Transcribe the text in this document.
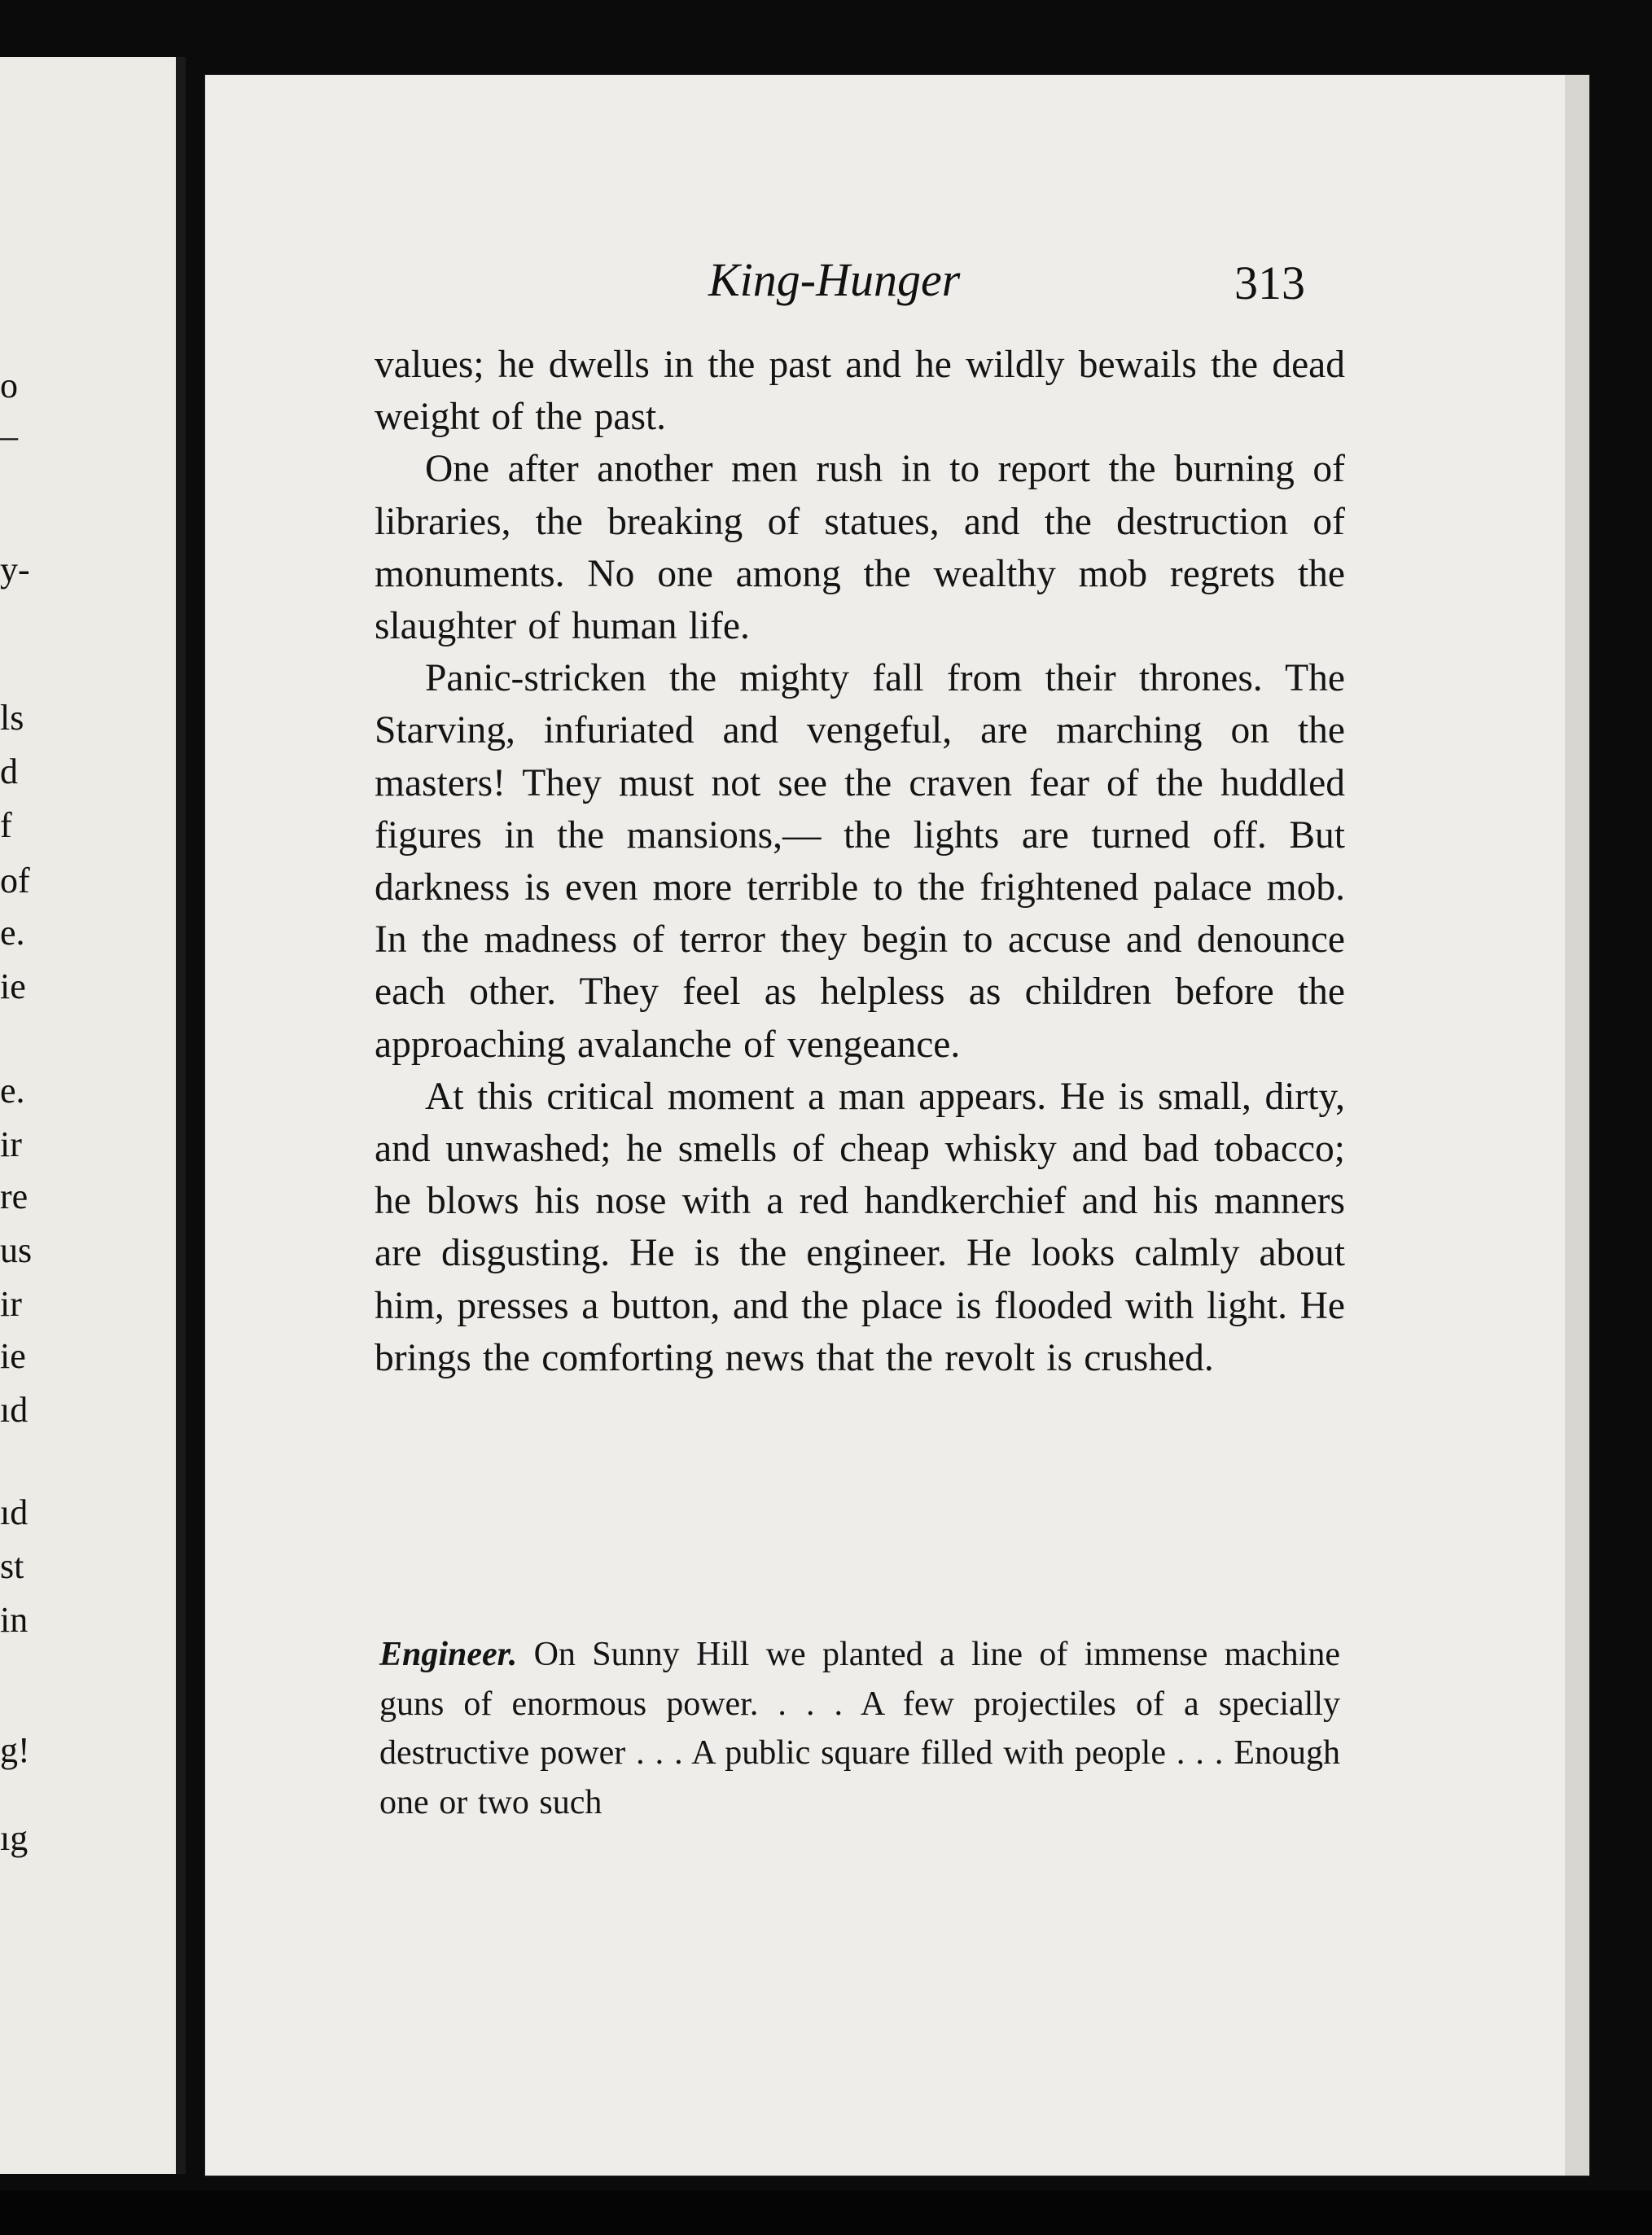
o
–
y-
ls
d
f
of
e.
ie
e.
ir
re
us
ir
ie
ıd
ıd
st
in
g!
ıg
King-Hunger	313

values; he dwells in the past and he wildly bewails the dead weight of the past.

One after another men rush in to report the burning of libraries, the breaking of statues, and the destruction of monuments. No one among the wealthy mob regrets the slaughter of human life.

Panic-stricken the mighty fall from their thrones. The Starving, infuriated and vengeful, are marching on the masters! They must not see the craven fear of the huddled figures in the mansions,— the lights are turned off. But darkness is even more terrible to the frightened palace mob. In the madness of terror they begin to accuse and denounce each other. They feel as helpless as children before the approaching avalanche of vengeance.

At this critical moment a man appears. He is small, dirty, and unwashed; he smells of cheap whisky and bad tobacco; he blows his nose with a red handkerchief and his manners are disgusting. He is the engineer. He looks calmly about him, presses a button, and the place is flooded with light. He brings the comforting news that the revolt is crushed.

Engineer. On Sunny Hill we planted a line of immense machine guns of enormous power. . . . A few projectiles of a specially destructive power . . . A public square filled with people . . . Enough one or two such
